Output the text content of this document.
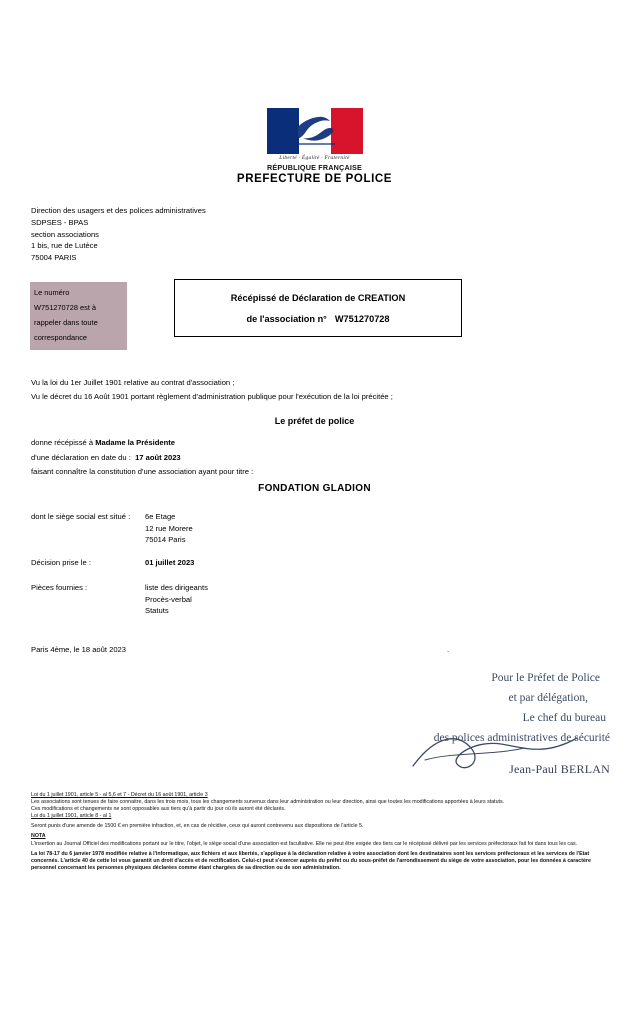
Liberté · Égalité · Fraternité
RÉPUBLIQUE FRANÇAISE
PREFECTURE DE POLICE
Direction des usagers et des polices administratives
SDPSES - BPAS
section associations
1 bis, rue de Lutèce
75004 PARIS
Le numéro
W751270728 est à
rappeler dans toute
correspondance
Récépissé de Déclaration de CREATION
de l'association n° W751270728
Vu la loi du 1er Juillet 1901 relative au contrat d'association ;
Vu le décret du 16 Août 1901 portant règlement d'administration publique pour l'exécution de la loi précitée ;
Le préfet de police
donne récépissé à Madame la Présidente
d'une déclaration en date du : 17 août 2023
faisant connaître la constitution d'une association ayant pour titre :
FONDATION GLADION
dont le siège social est situé : 6e Etage
12 rue Morere
75014 Paris
Décision prise le :	01 juillet 2023
Pièces fournies :	liste des dirigeants
Procès-verbal
Statuts
Paris 4ème, le 18 août 2023	.
Pour le Préfet de Police
et par délégation,
Le chef du bureau
des polices administratives de sécurité
Jean-Paul BERLAN

Loi du 1 juillet 1901, article 5 - al 5,6 et 7 - Décret du 16 août 1901, article 3

Les associations sont tenues de faire connaitre, dans les trois mois, tous les changements survenus dans leur administration ou leur direction, ainsi que toutes les modifications apportées à leurs statuts.

Ces modifications et changements ne sont opposables aux tiers qu'à partir du jour où ils auront été déclarés.

Loi du 1 juillet 1901, article 8 - al 1

Seront punis d'une amende de 1500 € en première infraction, et, en cas de récidive, ceux qui auront contrevenu aux dispositions de l'article 5.

NOTA

L'insertion au Journal Officiel des modifications portant sur le titre, l'objet, le siège social d'une association est facultative. Elle ne peut être exigée des tiers car le récépissé délivré par les services préfectoraux fait foi dans tous les cas.

La loi 78-17 du 6 janvier 1978 modifiée relative à l'informatique, aux fichiers et aux libertés, s'applique à la déclaration relative à votre association dont les destinataires sont les services préfectoraux et les services de l'Etat concernés. L'article 40 de cette loi vous garantit un droit d'accès et de rectification. Celui-ci peut s'exercer auprès du préfet ou du sous-préfet de l'arrondissement du siège de votre association, pour les données à caractère personnel concernant les personnes physiques déclarées comme étant chargées de sa direction ou de son administration.
